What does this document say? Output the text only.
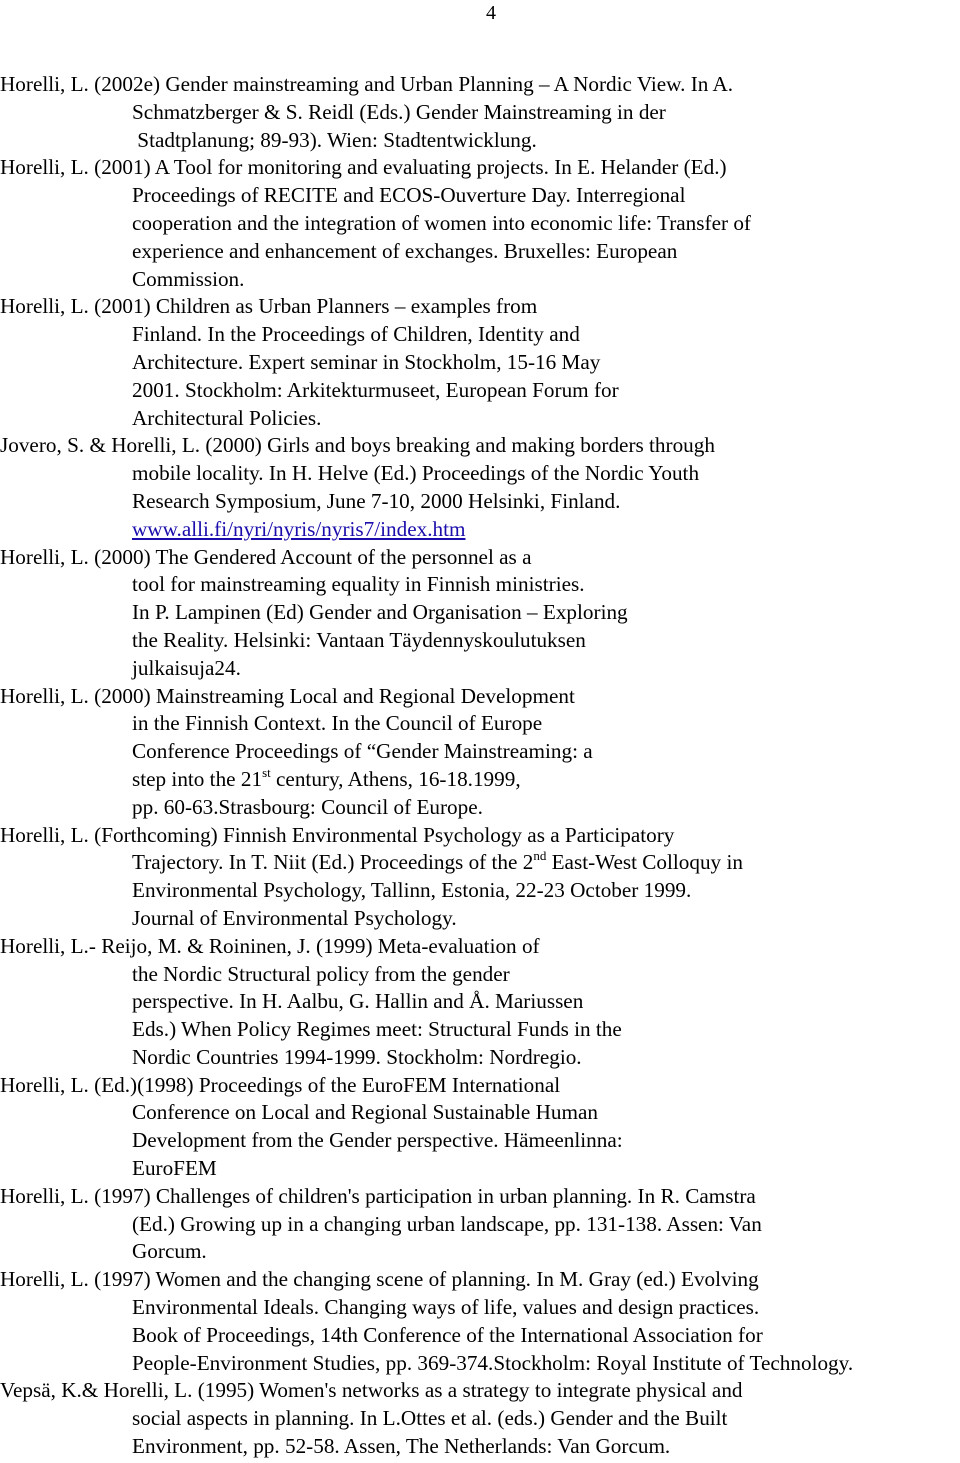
4
Horelli, L. (2002e) Gender mainstreaming and Urban Planning – A Nordic View. In A.
Schmatzberger & S. Reidl (Eds.) Gender Mainstreaming in der
Stadtplanung; 89-93). Wien: Stadtentwicklung.
Horelli, L. (2001) A Tool for monitoring and evaluating projects. In E. Helander (Ed.)
Proceedings of RECITE and ECOS-Ouverture Day. Interregional
cooperation and the integration of women into economic life: Transfer of
experience and enhancement of exchanges. Bruxelles: European
Commission.
Horelli, L. (2001) Children as Urban Planners – examples from
Finland. In the Proceedings of Children, Identity and
Architecture. Expert seminar in Stockholm, 15-16 May
2001. Stockholm: Arkitekturmuseet, European Forum for
Architectural Policies.
Jovero, S. & Horelli, L. (2000) Girls and boys breaking and making borders through
mobile locality. In H. Helve (Ed.) Proceedings of the Nordic Youth
Research Symposium, June 7-10, 2000 Helsinki, Finland.
www.alli.fi/nyri/nyris/nyris7/index.htm
Horelli, L. (2000) The Gendered Account of the personnel as a
tool for mainstreaming equality in Finnish ministries.
In P. Lampinen (Ed) Gender and Organisation – Exploring
the Reality. Helsinki: Vantaan Täydennyskoulutuksen
julkaisuja24.
Horelli, L. (2000) Mainstreaming Local and Regional Development
in the Finnish Context. In the Council of Europe
Conference Proceedings of “Gender Mainstreaming: a
step into the 21st century, Athens, 16-18.1999,
pp. 60-63.Strasbourg: Council of Europe.
Horelli, L. (Forthcoming) Finnish Environmental Psychology as a Participatory
Trajectory. In T. Niit (Ed.) Proceedings of the 2nd East-West Colloquy in
Environmental Psychology, Tallinn, Estonia, 22-23 October 1999.
Journal of Environmental Psychology.
Horelli, L.- Reijo, M. & Roininen, J. (1999) Meta-evaluation of
the Nordic Structural policy from the gender
perspective. In H. Aalbu, G. Hallin and Å. Mariussen
Eds.) When Policy Regimes meet: Structural Funds in the
Nordic Countries 1994-1999. Stockholm: Nordregio.
Horelli, L. (Ed.)(1998) Proceedings of the EuroFEM International
Conference on Local and Regional Sustainable Human
Development from the Gender perspective. Hämeenlinna:
EuroFEM
Horelli, L. (1997) Challenges of children's participation in urban planning. In R. Camstra
(Ed.) Growing up in a changing urban landscape, pp. 131-138. Assen: Van
Gorcum.
Horelli, L. (1997) Women and the changing scene of planning. In M. Gray (ed.) Evolving
Environmental Ideals. Changing ways of life, values and design practices.
Book of Proceedings, 14th Conference of the International Association for
People-Environment Studies, pp. 369-374.Stockholm: Royal Institute of Technology.
Vepsä, K.& Horelli, L. (1995) Women's networks as a strategy to integrate physical and
social aspects in planning. In L.Ottes et al. (eds.) Gender and the Built
Environment, pp. 52-58. Assen, The Netherlands: Van Gorcum.
